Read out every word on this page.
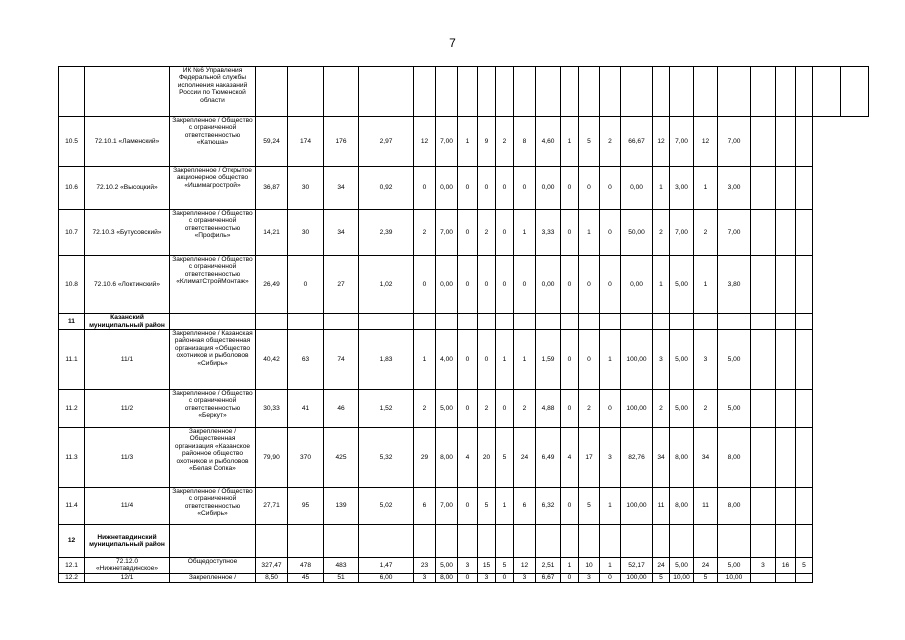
7
		ИК №6 Управления Федеральной службы исполнения наказаний России по Тюменской области																								
10.5	72.10.1 «Ламенский»	Закрепленное / Общество с ограниченной ответственностью «Катюша»	59,24	174	176	2,97	12	7,00	1	9	2	8	4,60	1	5	2	66,67	12	7,00	12	7,00					
10.6	72.10.2 «Высоцкий»	Закрепленное / Открытое акционерное общество «Ишимагрострой»	36,87	30	34	0,92	0	0,00	0	0	0	0	0,00	0	0	0	0,00	1	3,00	1	3,00					
10.7	72.10.3 «Бутусовский»	Закрепленное / Общество с ограниченной ответственностью «Профиль»	14,21	30	34	2,39	2	7,00	0	2	0	1	3,33	0	1	0	50,00	2	7,00	2	7,00					
10.8	72.10.6 «Локтинский»	Закрепленное / Общество с ограниченной ответственностью «КлиматСтройМонтаж»	26,49	0	27	1,02	0	0,00	0	0	0	0	0,00	0	0	0	0,00	1	5,00	1	3,80					
11	Казанский муниципальный район																									
11.1	11/1	Закрепленное / Казанская районная общественная организация «Общество охотников и рыболовов «Сибирь»	40,42	63	74	1,83	1	4,00	0	0	1	1	1,59	0	0	1	100,00	3	5,00	3	5,00					
11.2	11/2	Закрепленное / Общество с ограниченной ответственностью «Беркут»	30,33	41	46	1,52	2	5,00	0	2	0	2	4,88	0	2	0	100,00	2	5,00	2	5,00					
11.3	11/3	Закрепленное / Общественная организация «Казанское районное общество охотников и рыболовов «Белая Сопка»	79,90	370	425	5,32	29	8,00	4	20	5	24	6,49	4	17	3	82,76	34	8,00	34	8,00					
11.4	11/4	Закрепленное / Общество с ограниченной ответственностью «Сибирь»	27,71	95	139	5,02	6	7,00	0	5	1	6	6,32	0	5	1	100,00	11	8,00	11	8,00					
12	Нижнетавдинский муниципальный район																									
12.1	72.12.0 «Нижнетавдинское»	Общедоступное	327,47	478	483	1,47	23	5,00	3	15	5	12	2,51	1	10	1	52,17	24	5,00	24	5,00	3	16	5		
12.2	12/1	Закрепленное /	8,50	45	51	6,00	3	8,00	0	3	0	3	6,67	0	3	0	100,00	5	10,00	5	10,00					
